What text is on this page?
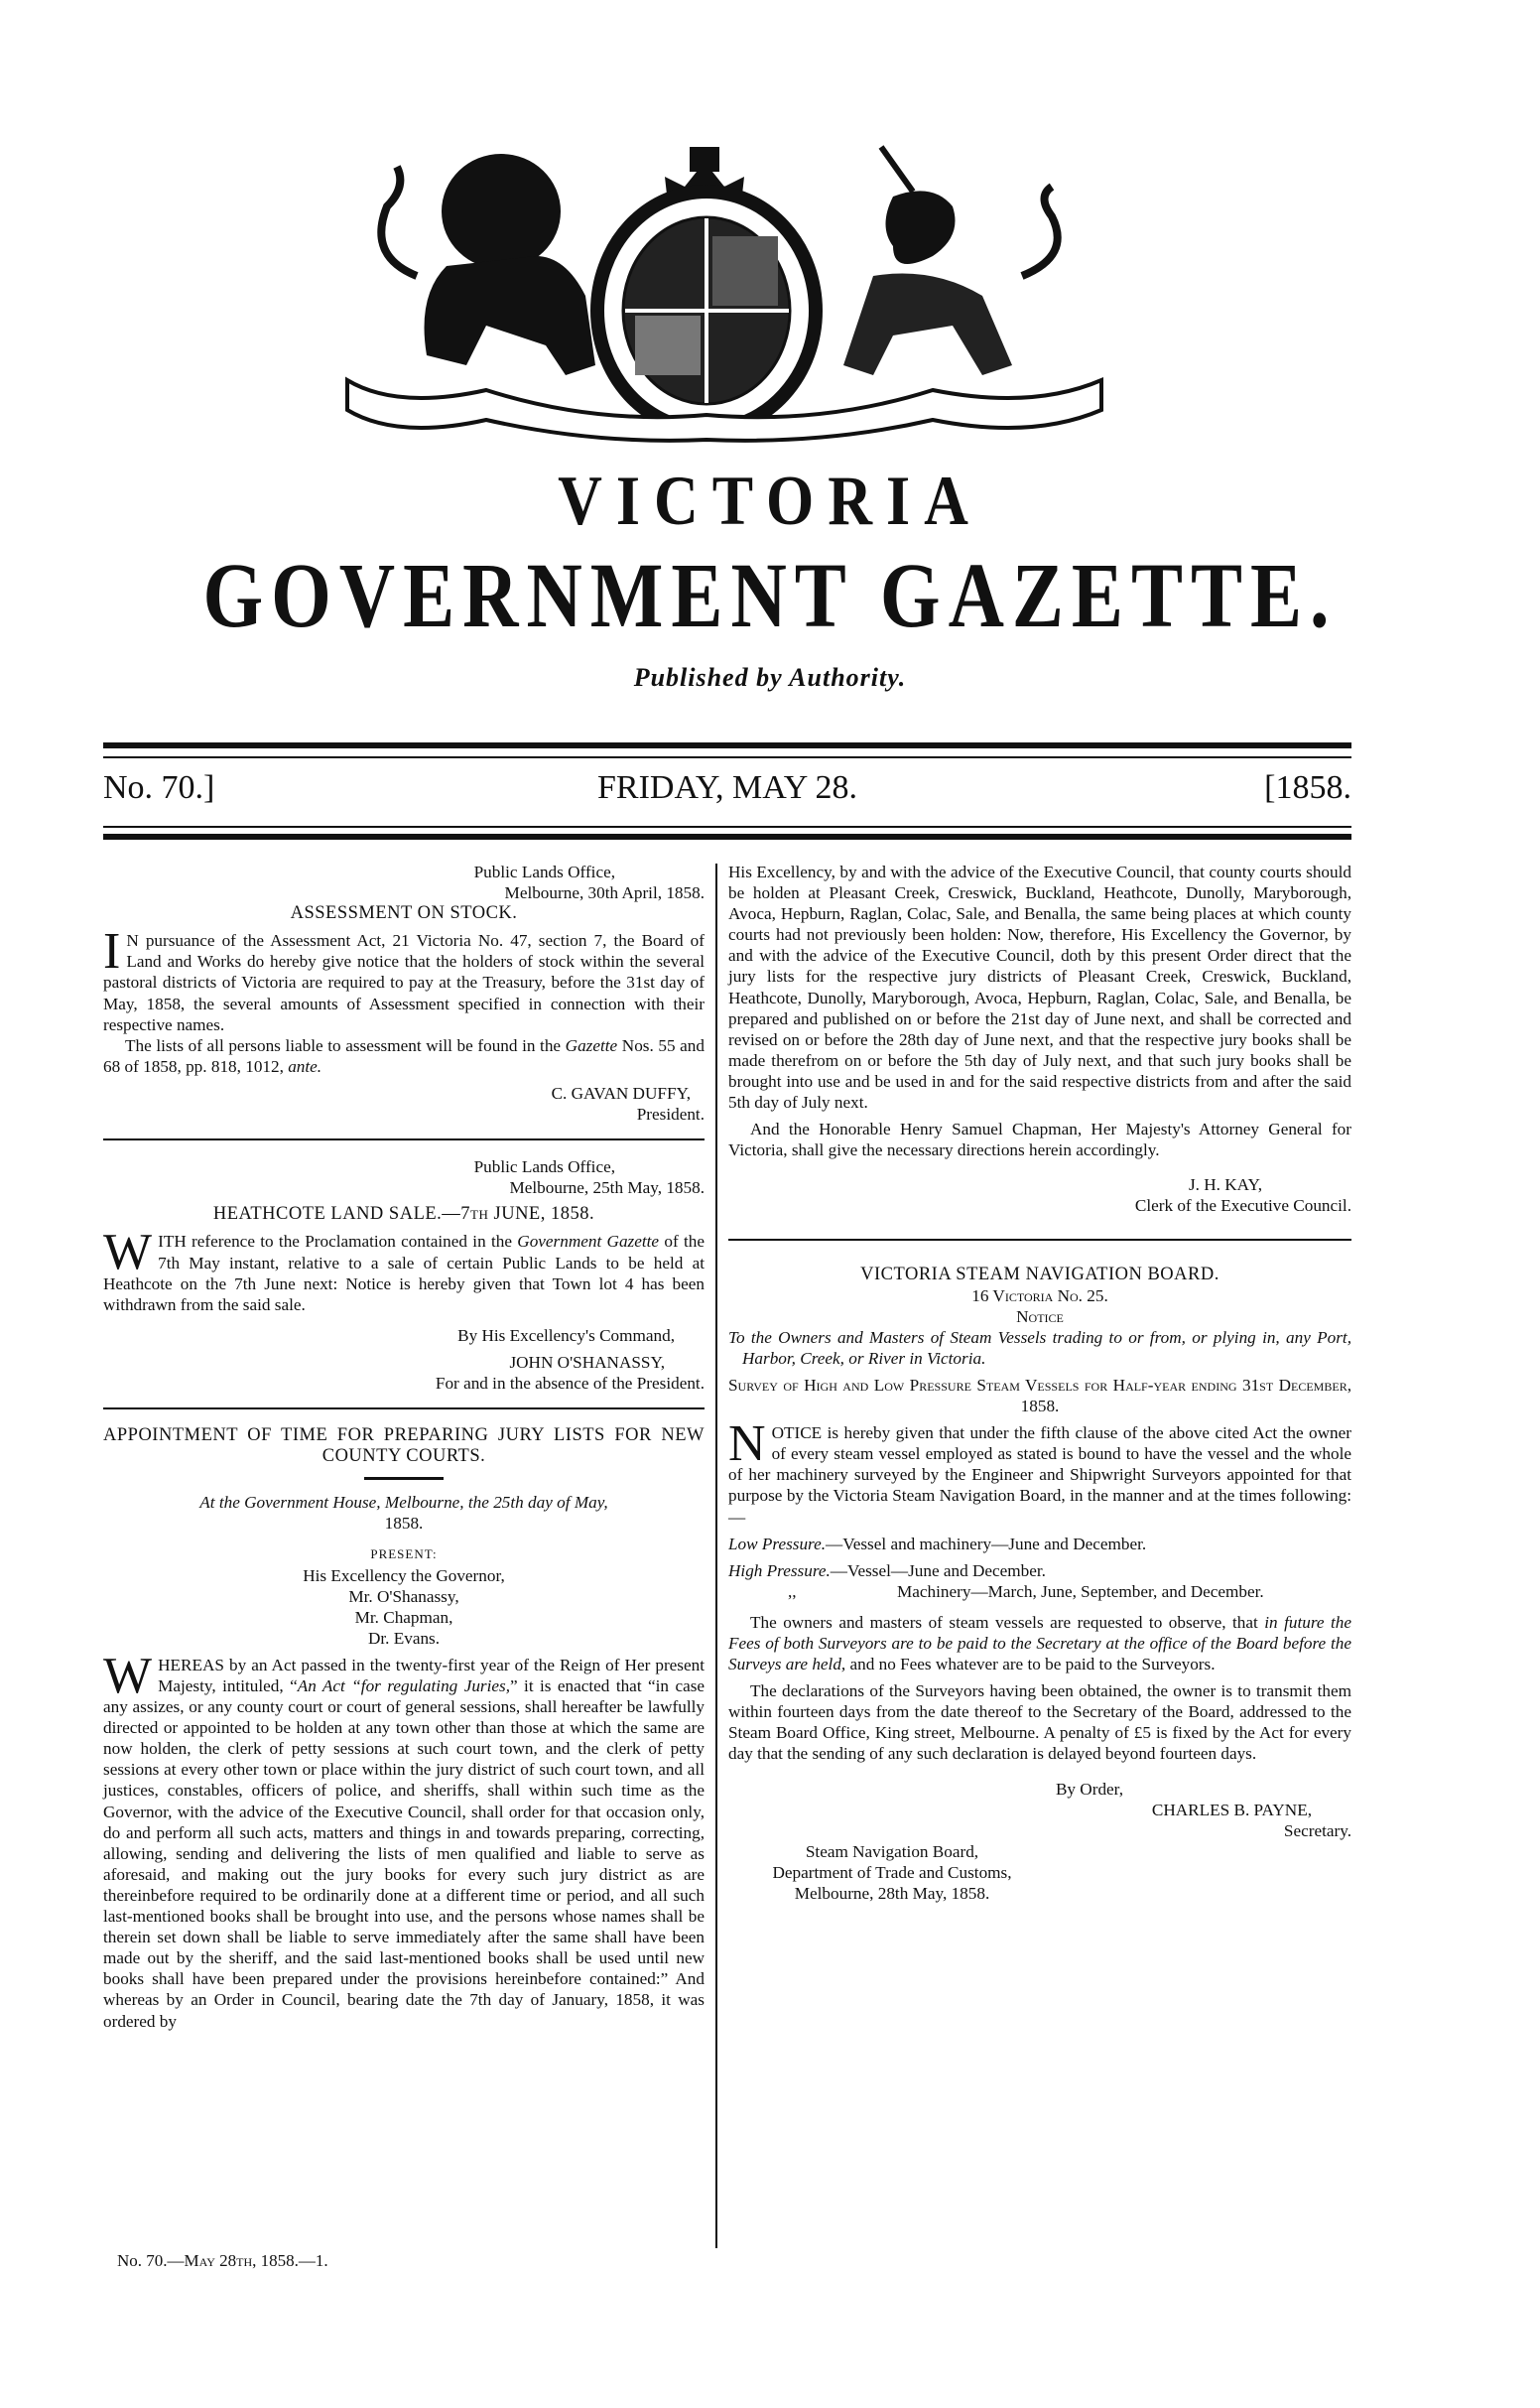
VICTORIA
GOVERNMENT GAZETTE.
Published by Authority.
No. 70.]	FRIDAY, MAY 28.	[1858.

Public Lands Office,

Melbourne, 30th April, 1858.

ASSESSMENT ON STOCK.

I N pursuance of the Assessment Act, 21 Victoria No. 47, section 7, the Board of Land and Works do hereby give notice that the holders of stock within the several pastoral districts of Victoria are required to pay at the Treasury, before the 31st day of May, 1858, the several amounts of Assessment specified in connection with their respective names.

The lists of all persons liable to assessment will be found in the Gazette Nos. 55 and 68 of 1858, pp. 818, 1012, ante.

C. GAVAN DUFFY,

President.

Public Lands Office,

Melbourne, 25th May, 1858.

HEATHCOTE LAND SALE.—7th JUNE, 1858.

WITH reference to the Proclamation contained in the Government Gazette of the 7th May instant, relative to a sale of certain Public Lands to be held at Heathcote on the 7th June next: Notice is hereby given that Town lot 4 has been withdrawn from the said sale.

By His Excellency's Command,

JOHN O'SHANASSY,

For and in the absence of the President.

APPOINTMENT OF TIME FOR PREPARING JURY LISTS FOR NEW COUNTY COURTS.

At the Government House, Melbourne, the 25th day of May,

1858.

PRESENT:

His Excellency the Governor,

Mr. O'Shanassy,

Mr. Chapman,

Dr. Evans.

WHEREAS by an Act passed in the twenty-first year of the Reign of Her present Majesty, intituled, “An Act “for regulating Juries,” it is enacted that “in case any assizes, or any county court or court of general sessions, shall hereafter be lawfully directed or appointed to be holden at any town other than those at which the same are now holden, the clerk of petty sessions at such court town, and the clerk of petty sessions at every other town or place within the jury district of such court town, and all justices, constables, officers of police, and sheriffs, shall within such time as the Governor, with the advice of the Executive Council, shall order for that occasion only, do and perform all such acts, matters and things in and towards preparing, correcting, allowing, sending and delivering the lists of men qualified and liable to serve as aforesaid, and making out the jury books for every such jury district as are thereinbefore required to be ordinarily done at a different time or period, and all such last-mentioned books shall be brought into use, and the persons whose names shall be therein set down shall be liable to serve immediately after the same shall have been made out by the sheriff, and the said last-mentioned books shall be used until new books shall have been prepared under the provisions hereinbefore contained:” And whereas by an Order in Council, bearing date the 7th day of January, 1858, it was ordered by

No. 70.—May 28th, 1858.—1.

His Excellency, by and with the advice of the Executive Council, that county courts should be holden at Pleasant Creek, Creswick, Buckland, Heathcote, Dunolly, Maryborough, Avoca, Hepburn, Raglan, Colac, Sale, and Benalla, the same being places at which county courts had not previously been holden: Now, therefore, His Excellency the Governor, by and with the advice of the Executive Council, doth by this present Order direct that the jury lists for the respective jury districts of Pleasant Creek, Creswick, Buckland, Heathcote, Dunolly, Maryborough, Avoca, Hepburn, Raglan, Colac, Sale, and Benalla, be prepared and published on or before the 21st day of June next, and shall be corrected and revised on or before the 28th day of June next, and that the respective jury books shall be made therefrom on or before the 5th day of July next, and that such jury books shall be brought into use and be used in and for the said respective districts from and after the said 5th day of July next.

And the Honorable Henry Samuel Chapman, Her Majesty's Attorney General for Victoria, shall give the necessary directions herein accordingly.

J. H. KAY,

Clerk of the Executive Council.

VICTORIA STEAM NAVIGATION BOARD.

16 Victoria No. 25.

Notice

To the Owners and Masters of Steam Vessels trading to or from, or plying in, any Port, Harbor, Creek, or River in Victoria.

Survey of High and Low Pressure Steam Vessels for Half-year ending 31st December, 1858.

NOTICE is hereby given that under the fifth clause of the above cited Act the owner of every steam vessel employed as stated is bound to have the vessel and the whole of her machinery surveyed by the Engineer and Shipwright Surveyors appointed for that purpose by the Victoria Steam Navigation Board, in the manner and at the times following:—

Low Pressure.—Vessel and machinery—June and December.

High Pressure.—Vessel—June and December.

,,	Machinery—March, June, September, and December.

The owners and masters of steam vessels are requested to observe, that in future the Fees of both Surveyors are to be paid to the Secretary at the office of the Board before the Surveys are held, and no Fees whatever are to be paid to the Surveyors.

The declarations of the Surveyors having been obtained, the owner is to transmit them within fourteen days from the date thereof to the Secretary of the Board, addressed to the Steam Board Office, King street, Melbourne. A penalty of £5 is fixed by the Act for every day that the sending of any such declaration is delayed beyond fourteen days.

By Order,

CHARLES B. PAYNE,

Secretary.

Steam Navigation Board,

Department of Trade and Customs,

Melbourne, 28th May, 1858.
